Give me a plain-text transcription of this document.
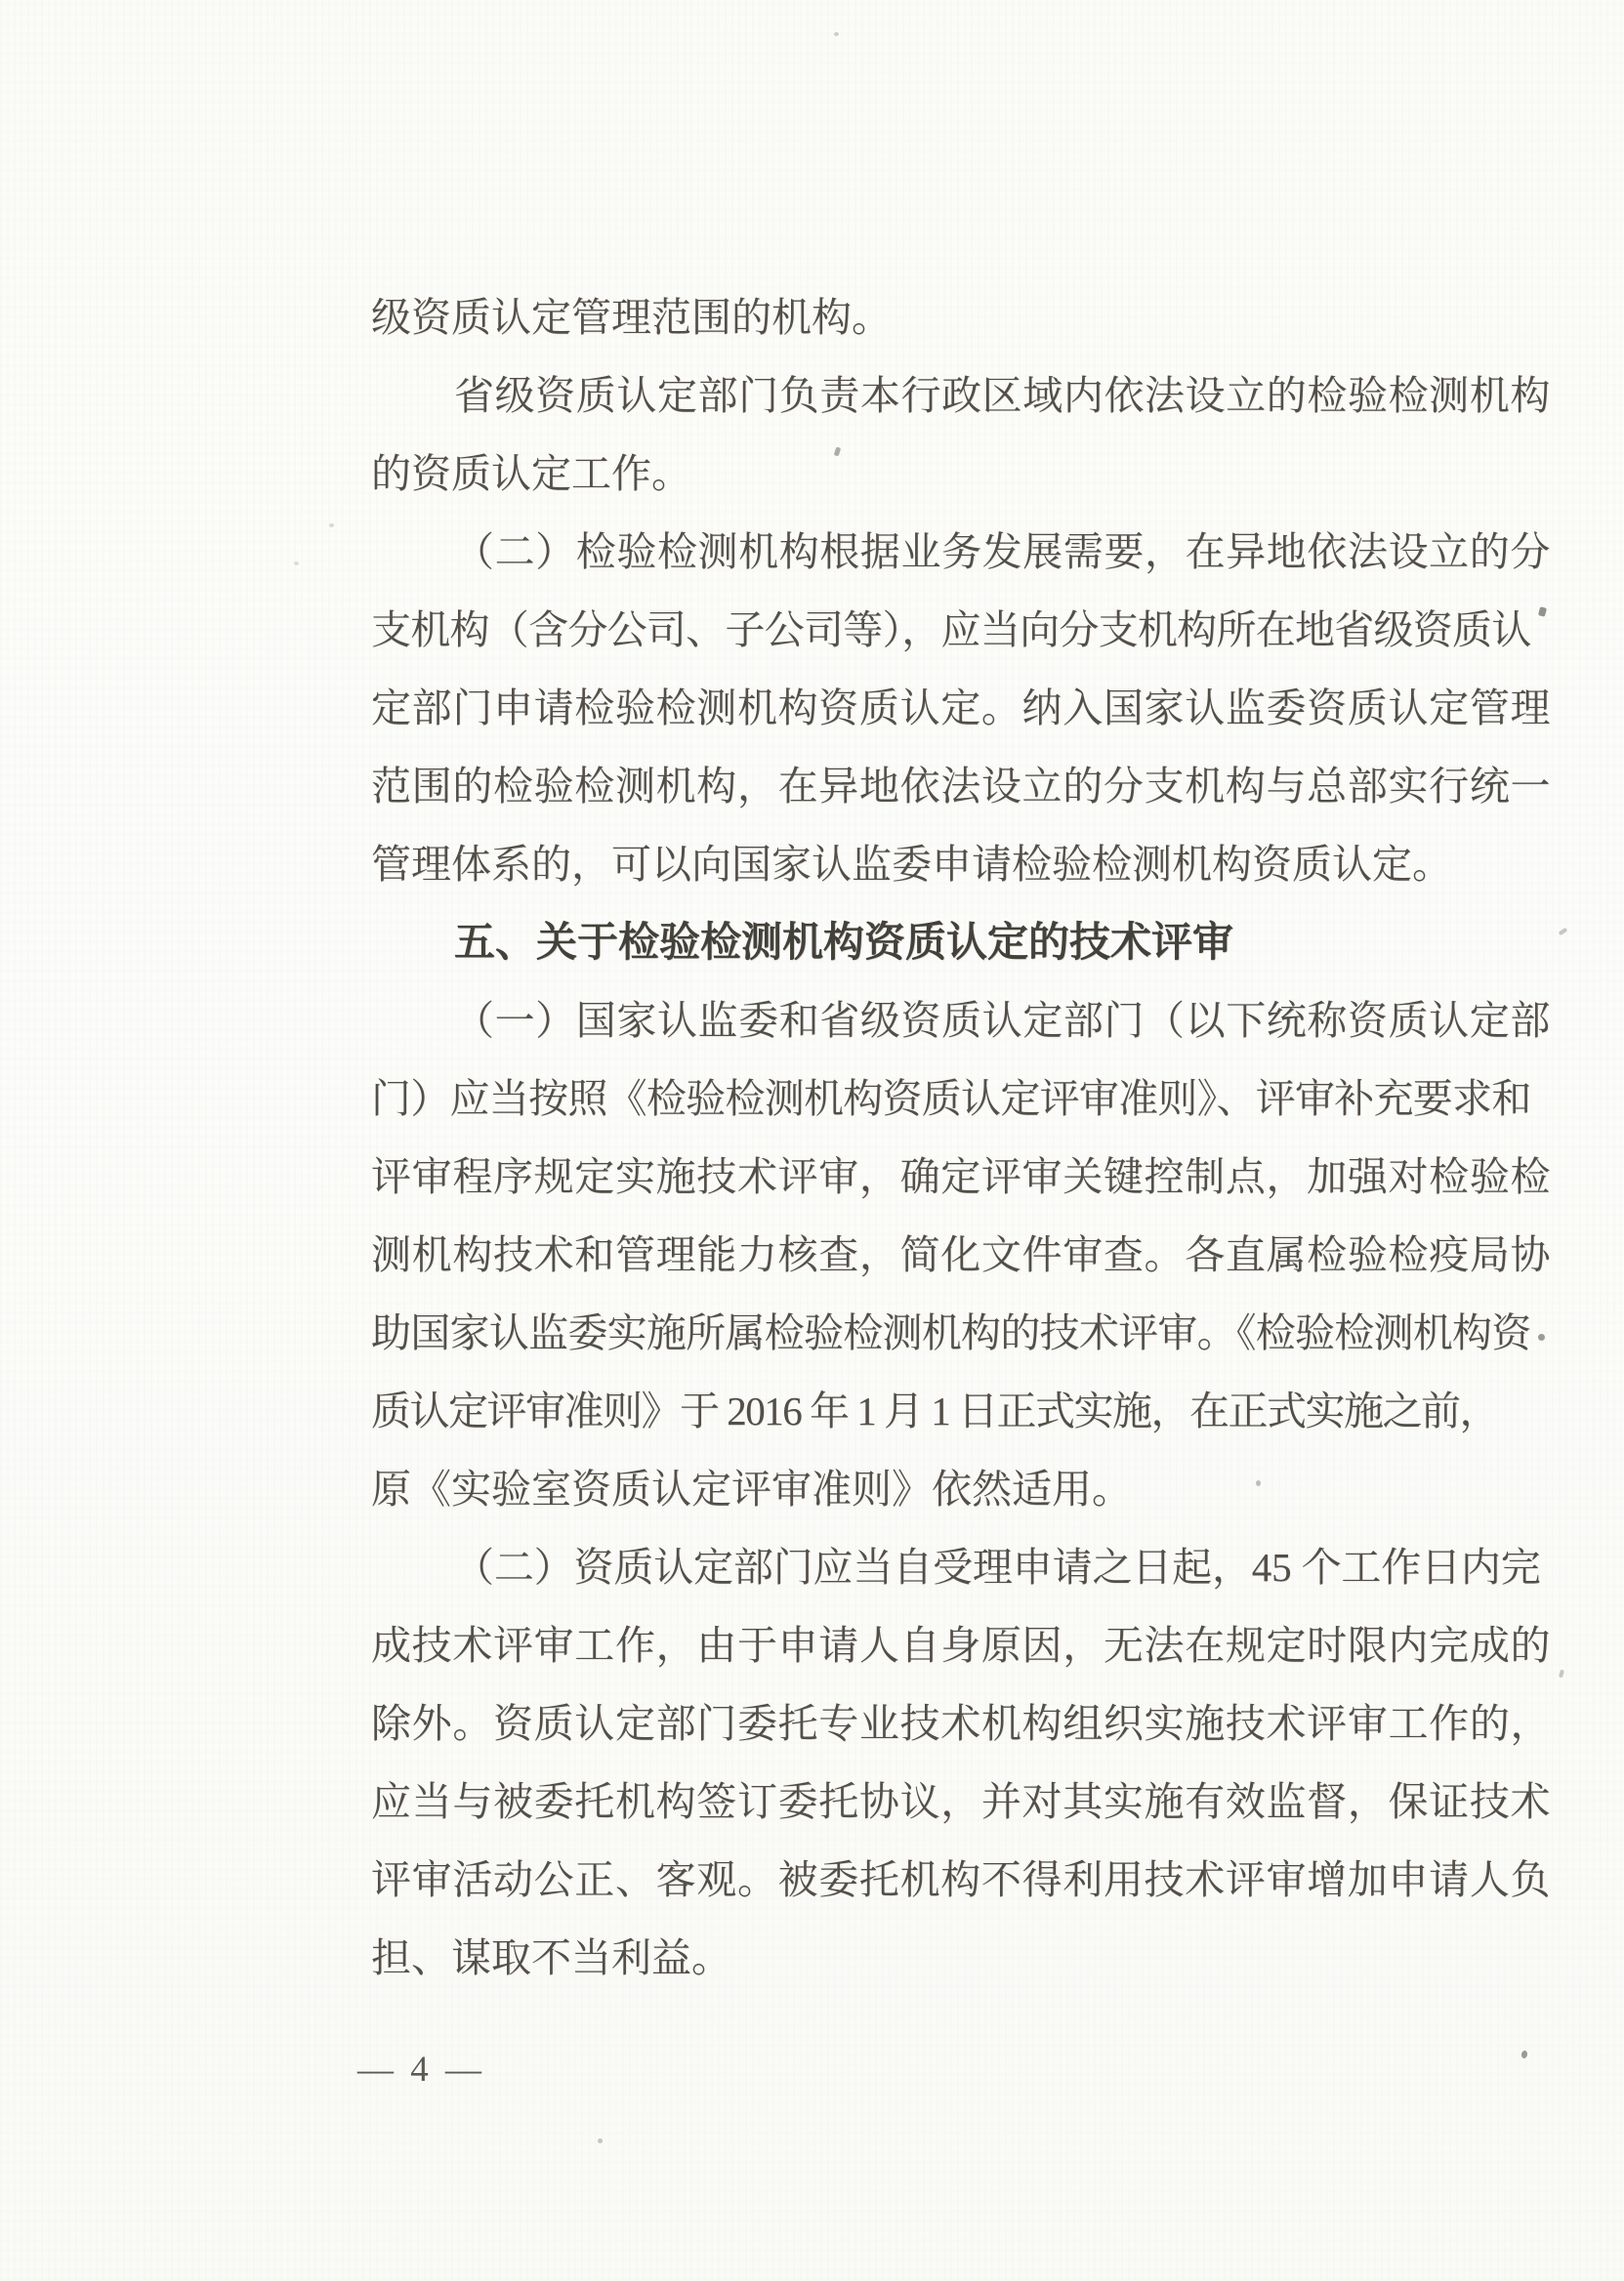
级资质认定管理范围的机构。
省级资质认定部门负责本行政区域内依法设立的检验检测机构
的资质认定工作。
（二）检验检测机构根据业务发展需要，在异地依法设立的分
支机构（含分公司、子公司等），应当向分支机构所在地省级资质认
定部门申请检验检测机构资质认定。纳入国家认监委资质认定管理
范围的检验检测机构，在异地依法设立的分支机构与总部实行统一
管理体系的，可以向国家认监委申请检验检测机构资质认定。
五、关于检验检测机构资质认定的技术评审
（一）国家认监委和省级资质认定部门（以下统称资质认定部
门）应当按照《检验检测机构资质认定评审准则》、评审补充要求和
评审程序规定实施技术评审，确定评审关键控制点，加强对检验检
测机构技术和管理能力核查，简化文件审查。各直属检验检疫局协
助国家认监委实施所属检验检测机构的技术评审。《检验检测机构资
质认定评审准则》于 2016 年 1 月 1 日正式实施，在正式实施之前，
原《实验室资质认定评审准则》依然适用。
（二）资质认定部门应当自受理申请之日起，45 个工作日内完
成技术评审工作，由于申请人自身原因，无法在规定时限内完成的
除外。资质认定部门委托专业技术机构组织实施技术评审工作的，
应当与被委托机构签订委托协议，并对其实施有效监督，保证技术
评审活动公正、客观。被委托机构不得利用技术评审增加申请人负
担、谋取不当利益。
— 4 —
